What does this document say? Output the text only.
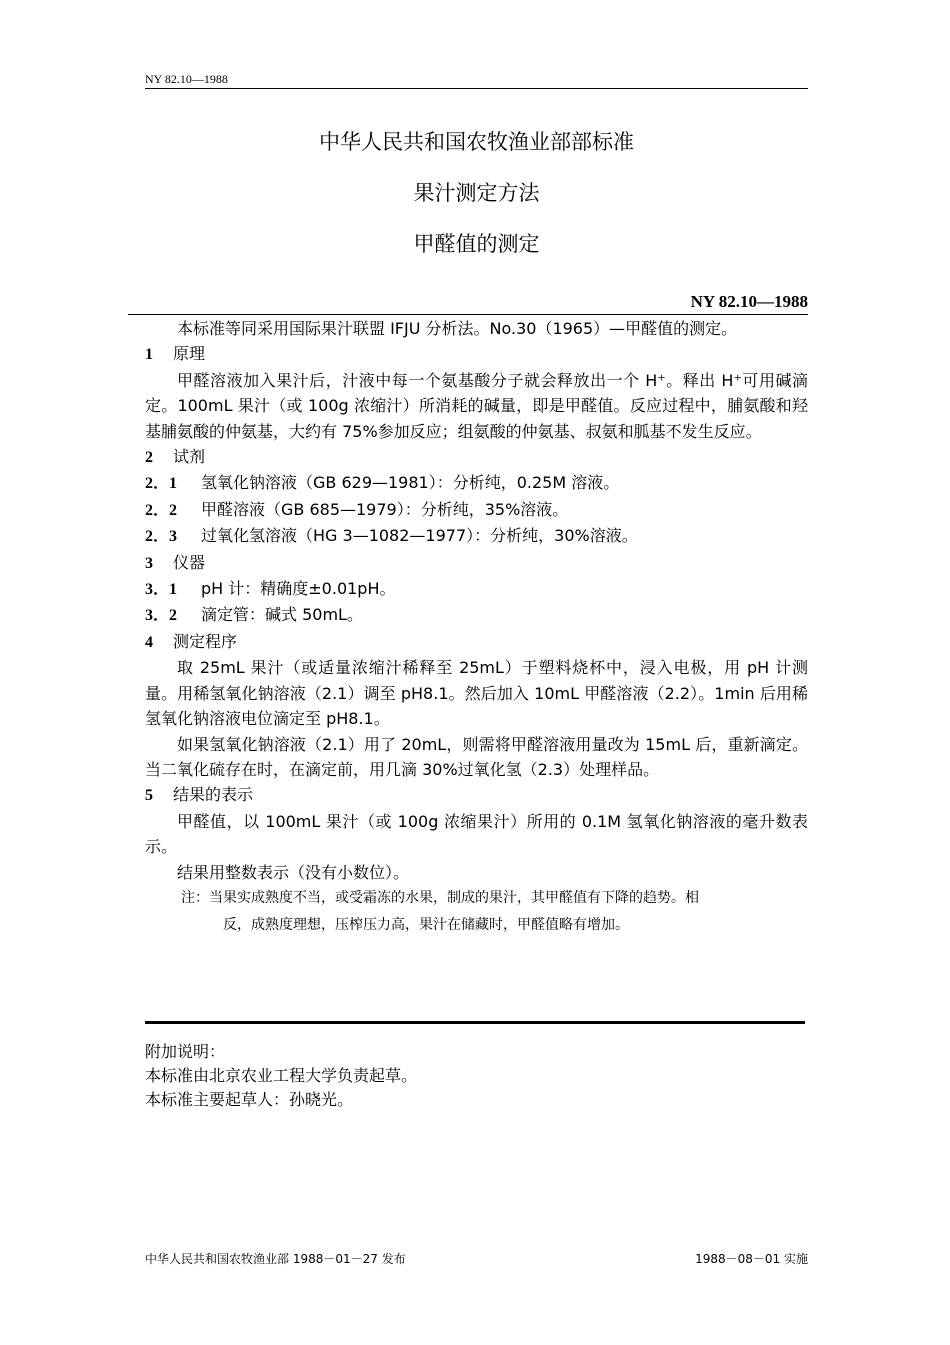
NY 82.10—1988
中华人民共和国农牧渔业部部标准
果汁测定方法
甲醛值的测定
NY 82.10—1988

本标准等同采用国际果汁联盟 IFJU 分析法。No.30（1965）—甲醛值的测定。

1 原理

甲醛溶液加入果汁后，汁液中每一个氨基酸分子就会释放出一个 H⁺。释出 H⁺可用碱滴定。100mL 果汁（或 100g 浓缩汁）所消耗的碱量，即是甲醛值。反应过程中，脯氨酸和羟基脯氨酸的仲氨基，大约有 75%参加反应；组氨酸的仲氨基、叔氨和胍基不发生反应。

2 试剂

2．1 氢氧化钠溶液（GB 629—1981）：分析纯，0.25M 溶液。

2．2 甲醛溶液（GB 685—1979）：分析纯，35%溶液。

2．3 过氧化氢溶液（HG 3—1082—1977）：分析纯，30%溶液。

3 仪器

3．1 pH 计：精确度±0.01pH。

3．2 滴定管：碱式 50mL。

4 测定程序

取 25mL 果汁（或适量浓缩汁稀释至 25mL）于塑料烧杯中，浸入电极，用 pH 计测量。用稀氢氧化钠溶液（2.1）调至 pH8.1。然后加入 10mL 甲醛溶液（2.2）。1min 后用稀氢氧化钠溶液电位滴定至 pH8.1。

如果氢氧化钠溶液（2.1）用了 20mL，则需将甲醛溶液用量改为 15mL 后，重新滴定。当二氧化硫存在时，在滴定前，用几滴 30%过氧化氢（2.3）处理样品。

5 结果的表示

甲醛值，以 100mL 果汁（或 100g 浓缩果汁）所用的 0.1M 氢氧化钠溶液的毫升数表示。

结果用整数表示（没有小数位）。

注：当果实成熟度不当，或受霜冻的水果，制成的果汁，其甲醛值有下降的趋势。相
反，成熟度理想，压榨压力高，果汁在储藏时，甲醛值略有增加。
附加说明：
本标准由北京农业工程大学负责起草。
本标准主要起草人：孙晓光。
中华人民共和国农牧渔业部 1988－01－27 发布	1988－08－01 实施
